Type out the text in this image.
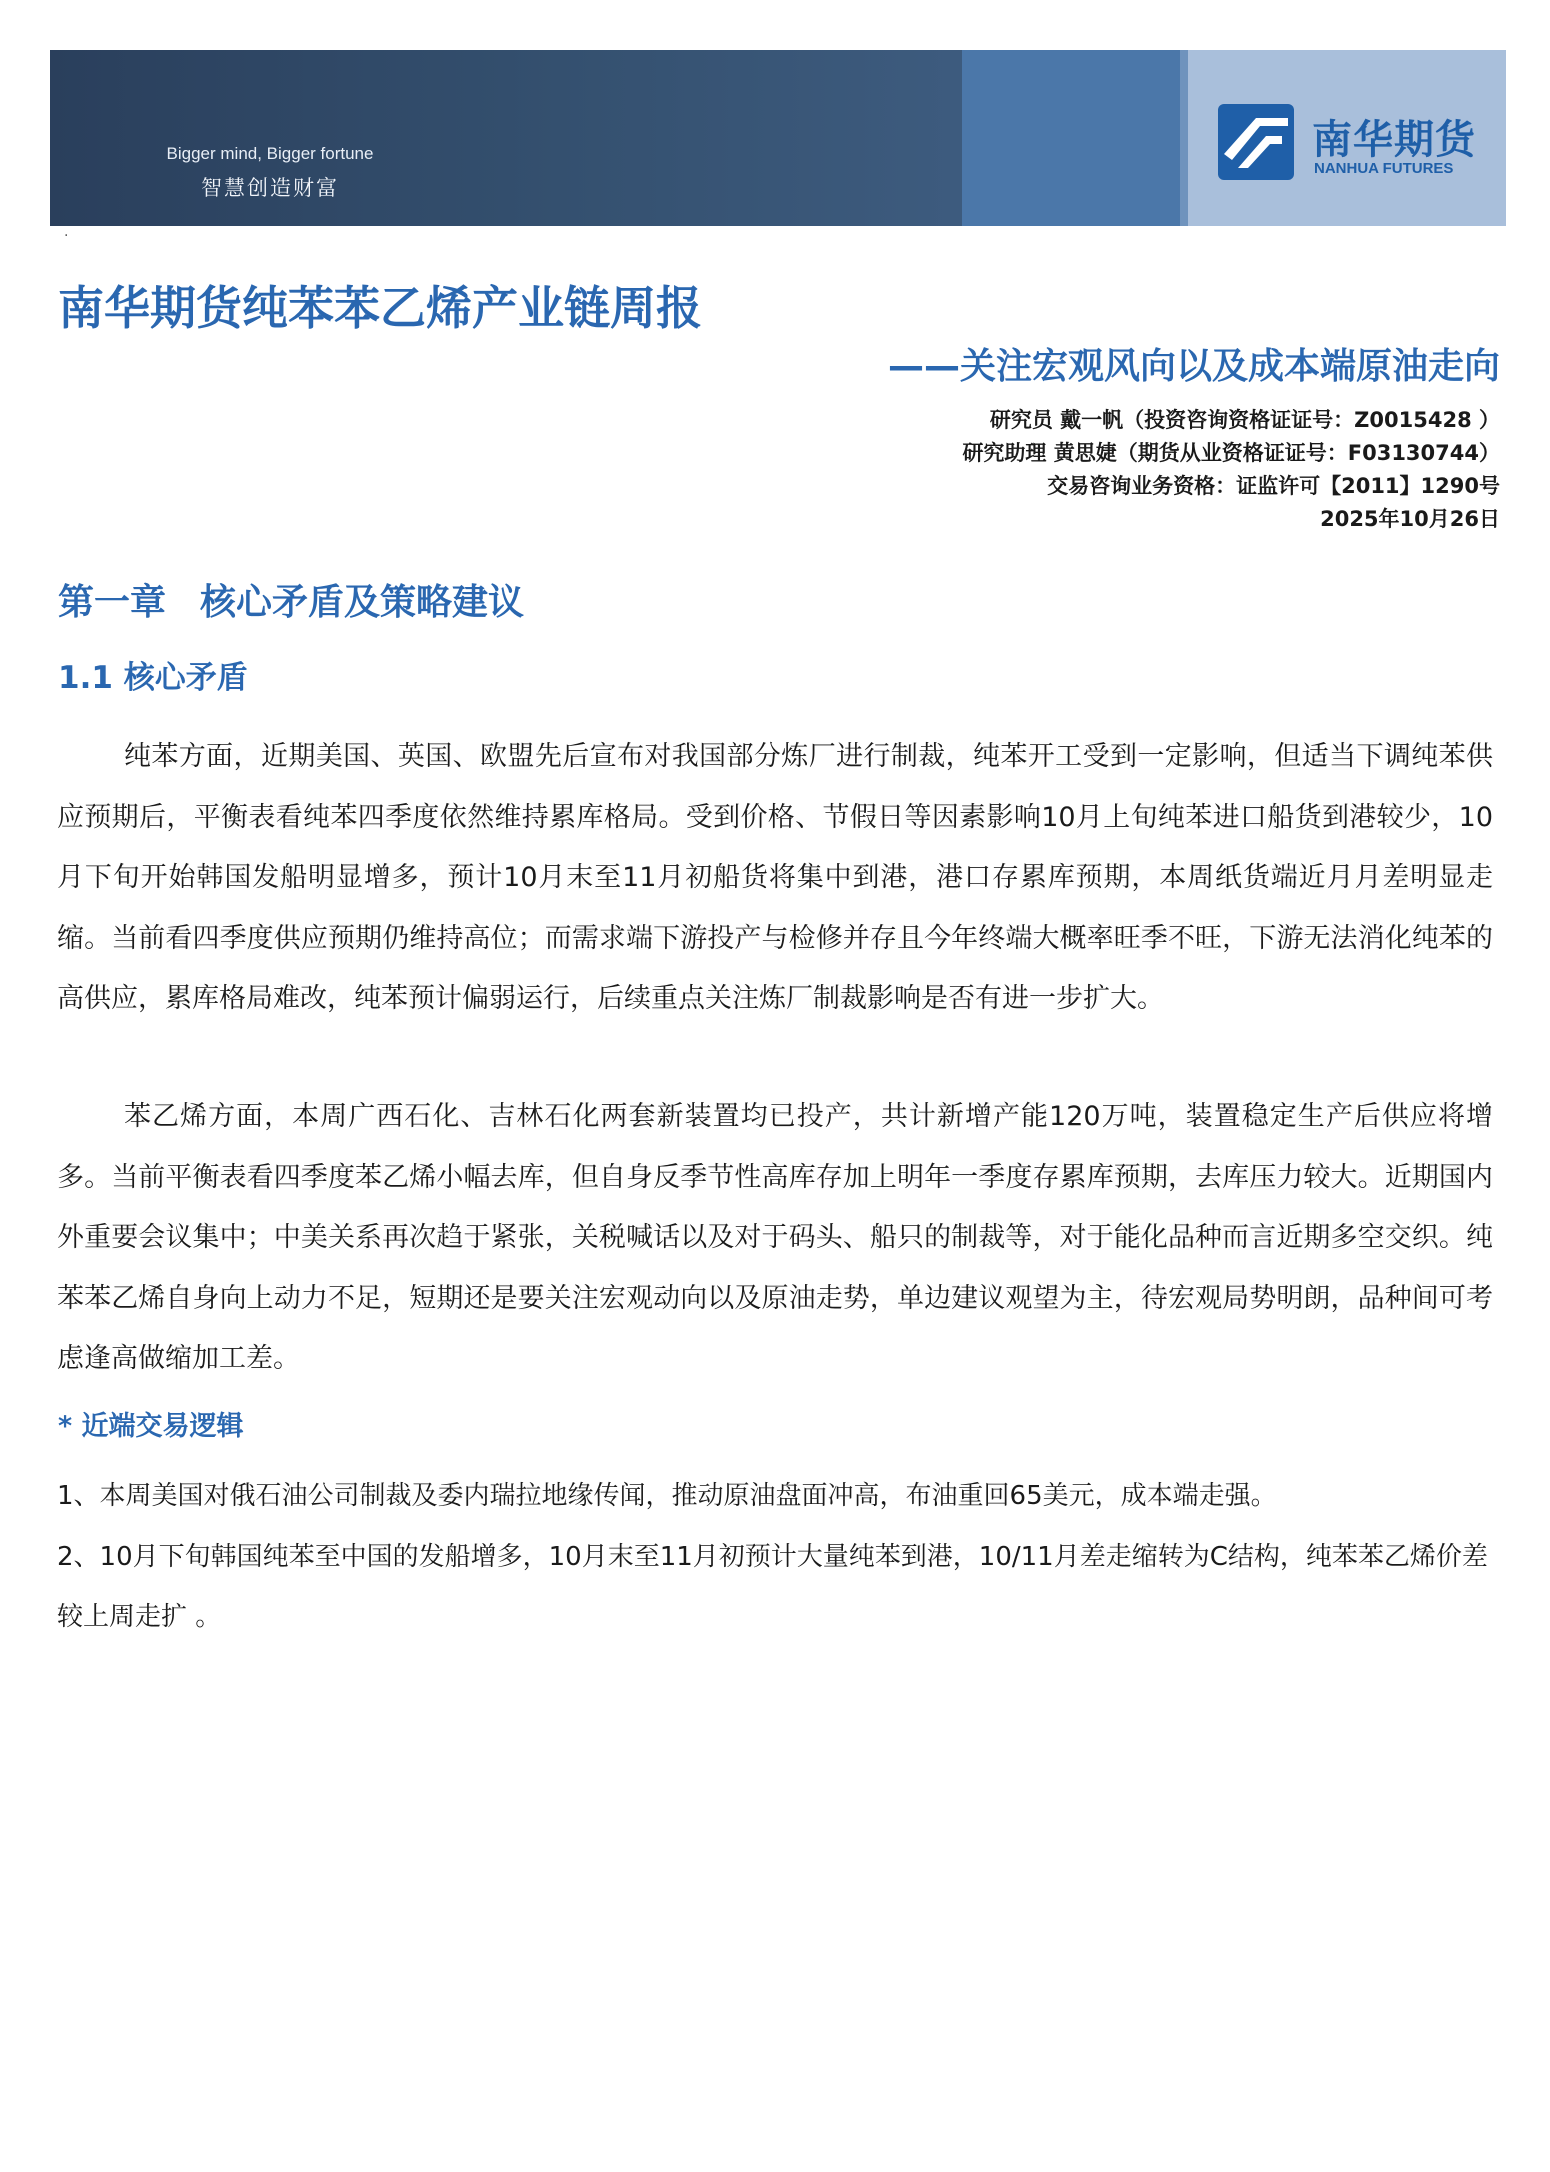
Bigger mind, Bigger fortune
智慧创造财富
南华期货
NANHUA FUTURES
·
南华期货纯苯苯乙烯产业链周报
——关注宏观风向以及成本端原油走向
研究员 戴一帆（投资咨询资格证证号：Z0015428 ）
研究助理 黄思婕（期货从业资格证证号：F03130744）
交易咨询业务资格：证监许可【2011】1290号
2025年10月26日
第一章 核心矛盾及策略建议
1.1 核心矛盾

纯苯方面，近期美国、英国、欧盟先后宣布对我国部分炼厂进行制裁，纯苯开工受到一定影响，但适当下调纯苯供应预期后，平衡表看纯苯四季度依然维持累库格局。受到价格、节假日等因素影响10月上旬纯苯进口船货到港较少，10月下旬开始韩国发船明显增多，预计10月末至11月初船货将集中到港，港口存累库预期，本周纸货端近月月差明显走缩。当前看四季度供应预期仍维持高位；而需求端下游投产与检修并存且今年终端大概率旺季不旺，下游无法消化纯苯的高供应，累库格局难改，纯苯预计偏弱运行，后续重点关注炼厂制裁影响是否有进一步扩大。

苯乙烯方面，本周广西石化、吉林石化两套新装置均已投产，共计新增产能120万吨，装置稳定生产后供应将增多。当前平衡表看四季度苯乙烯小幅去库，但自身反季节性高库存加上明年一季度存累库预期，去库压力较大。近期国内外重要会议集中；中美关系再次趋于紧张，关税喊话以及对于码头、船只的制裁等，对于能化品种而言近期多空交织。纯苯苯乙烯自身向上动力不足，短期还是要关注宏观动向以及原油走势，单边建议观望为主，待宏观局势明朗，品种间可考虑逢高做缩加工差。

* 近端交易逻辑

1、本周美国对俄石油公司制裁及委内瑞拉地缘传闻，推动原油盘面冲高，布油重回65美元，成本端走强。

2、10月下旬韩国纯苯至中国的发船增多，10月末至11月初预计大量纯苯到港，10/11月差走缩转为C结构，纯苯苯乙烯价差较上周走扩 。
